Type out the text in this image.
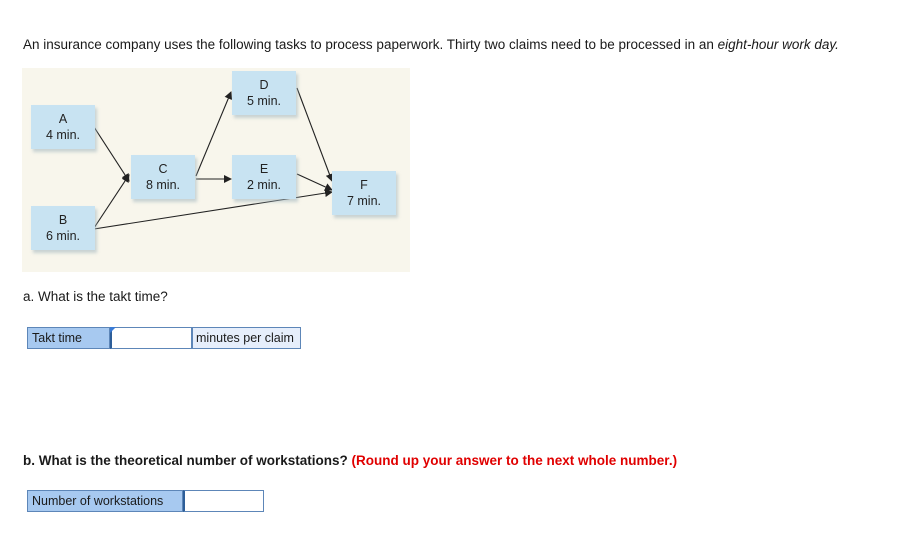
An insurance company uses the following tasks to process paperwork. Thirty two claims need to be processed in an eight-hour work day.
A
4 min.
B
6 min.
C
8 min.
D
5 min.
E
2 min.	F
7 min.
a. What is the takt time?
Takt time	minutes per claim
b. What is the theoretical number of workstations? (Round up your answer to the next whole number.)
Number of workstations
